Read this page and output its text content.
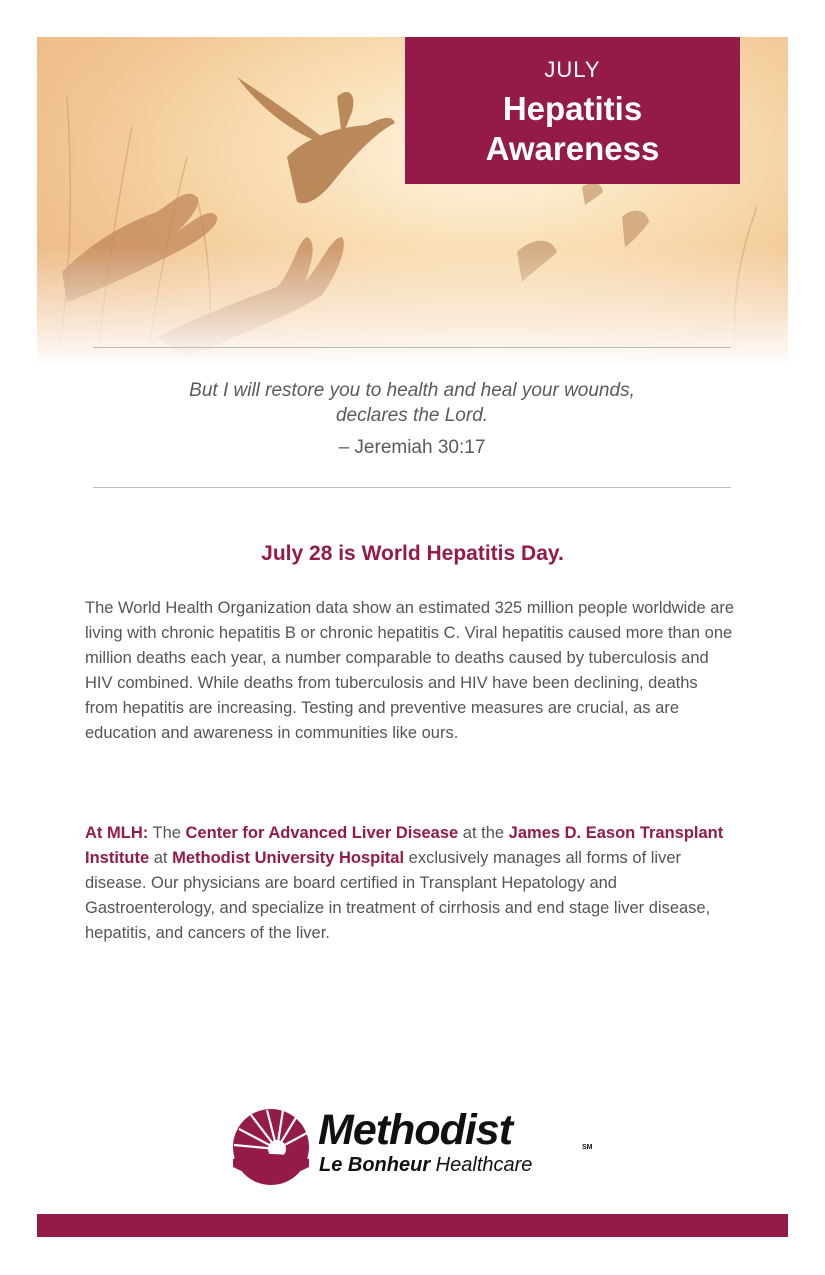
JULY
Hepatitis
Awareness
But I will restore you to health and heal your wounds,
declares the Lord.
– Jeremiah 30:17
July 28 is World Hepatitis Day.
The World Health Organization data show an estimated 325 million people worldwide are living with chronic hepatitis B or chronic hepatitis C. Viral hepatitis caused more than one million deaths each year, a number comparable to deaths caused by tuberculosis and HIV combined. While deaths from tuberculosis and HIV have been declining, deaths from hepatitis are increasing. Testing and preventive measures are crucial, as are education and awareness in communities like ours.
At MLH: The Center for Advanced Liver Disease at the James D. Eason Transplant Institute at Methodist University Hospital exclusively manages all forms of liver disease. Our physicians are board certified in Transplant Hepatology and Gastroenterology, and specialize in treatment of cirrhosis and end stage liver disease, hepatitis, and cancers of the liver.
Methodist	SM
Le Bonheur Healthcare
